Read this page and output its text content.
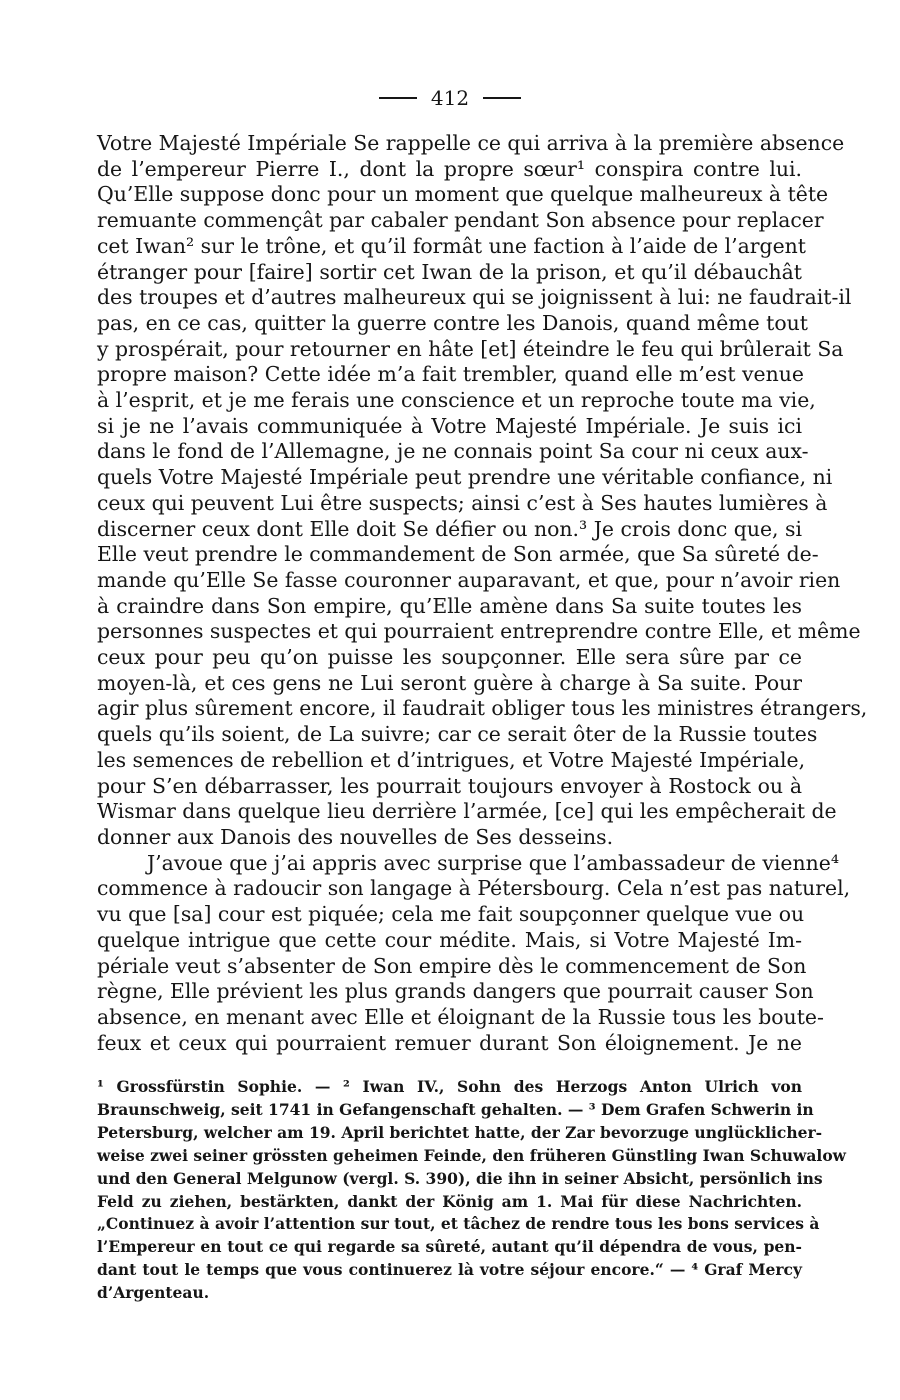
412
Votre Majesté Impériale Se rappelle ce qui arriva à la première absence
de l’empereur Pierre I., dont la propre sœur¹ conspira contre lui.
Qu’Elle suppose donc pour un moment que quelque malheureux à tête
remuante commençât par cabaler pendant Son absence pour replacer
cet Iwan² sur le trône, et qu’il formât une faction à l’aide de l’argent
étranger pour [faire] sortir cet Iwan de la prison, et qu’il débauchât
des troupes et d’autres malheureux qui se joignissent à lui: ne faudrait-il
pas, en ce cas, quitter la guerre contre les Danois, quand même tout
y prospérait, pour retourner en hâte [et] éteindre le feu qui brûlerait Sa
propre maison? Cette idée m’a fait trembler, quand elle m’est venue
à l’esprit, et je me ferais une conscience et un reproche toute ma vie,
si je ne l’avais communiquée à Votre Majesté Impériale. Je suis ici
dans le fond de l’Allemagne, je ne connais point Sa cour ni ceux aux-
quels Votre Majesté Impériale peut prendre une véritable confiance, ni
ceux qui peuvent Lui être suspects; ainsi c’est à Ses hautes lumières à
discerner ceux dont Elle doit Se défier ou non.³ Je crois donc que, si
Elle veut prendre le commandement de Son armée, que Sa sûreté de-
mande qu’Elle Se fasse couronner auparavant, et que, pour n’avoir rien
à craindre dans Son empire, qu’Elle amène dans Sa suite toutes les
personnes suspectes et qui pourraient entreprendre contre Elle, et même
ceux pour peu qu’on puisse les soupçonner. Elle sera sûre par ce
moyen-là, et ces gens ne Lui seront guère à charge à Sa suite. Pour
agir plus sûrement encore, il faudrait obliger tous les ministres étrangers,
quels qu’ils soient, de La suivre; car ce serait ôter de la Russie toutes
les semences de rebellion et d’intrigues, et Votre Majesté Impériale,
pour S’en débarrasser, les pourrait toujours envoyer à Rostock ou à
Wismar dans quelque lieu derrière l’armée, [ce] qui les empêcherait de
donner aux Danois des nouvelles de Ses desseins.
J’avoue que j’ai appris avec surprise que l’ambassadeur de vienne⁴
commence à radoucir son langage à Pétersbourg. Cela n’est pas naturel,
vu que [sa] cour est piquée; cela me fait soupçonner quelque vue ou
quelque intrigue que cette cour médite. Mais, si Votre Majesté Im-
périale veut s’absenter de Son empire dès le commencement de Son
règne, Elle prévient les plus grands dangers que pourrait causer Son
absence, en menant avec Elle et éloignant de la Russie tous les boute-
feux et ceux qui pourraient remuer durant Son éloignement. Je ne
¹ Grossfürstin Sophie. — ² Iwan IV., Sohn des Herzogs Anton Ulrich von
Braunschweig, seit 1741 in Gefangenschaft gehalten. — ³ Dem Grafen Schwerin in
Petersburg, welcher am 19. April berichtet hatte, der Zar bevorzuge unglücklicher-
weise zwei seiner grössten geheimen Feinde, den früheren Günstling Iwan Schuwalow
und den General Melgunow (vergl. S. 390), die ihn in seiner Absicht, persönlich ins
Feld zu ziehen, bestärkten, dankt der König am 1. Mai für diese Nachrichten.
„Continuez à avoir l’attention sur tout, et tâchez de rendre tous les bons services à
l’Empereur en tout ce qui regarde sa sûreté, autant qu’il dépendra de vous, pen-
dant tout le temps que vous continuerez là votre séjour encore.“ — ⁴ Graf Mercy
d’Argenteau.
